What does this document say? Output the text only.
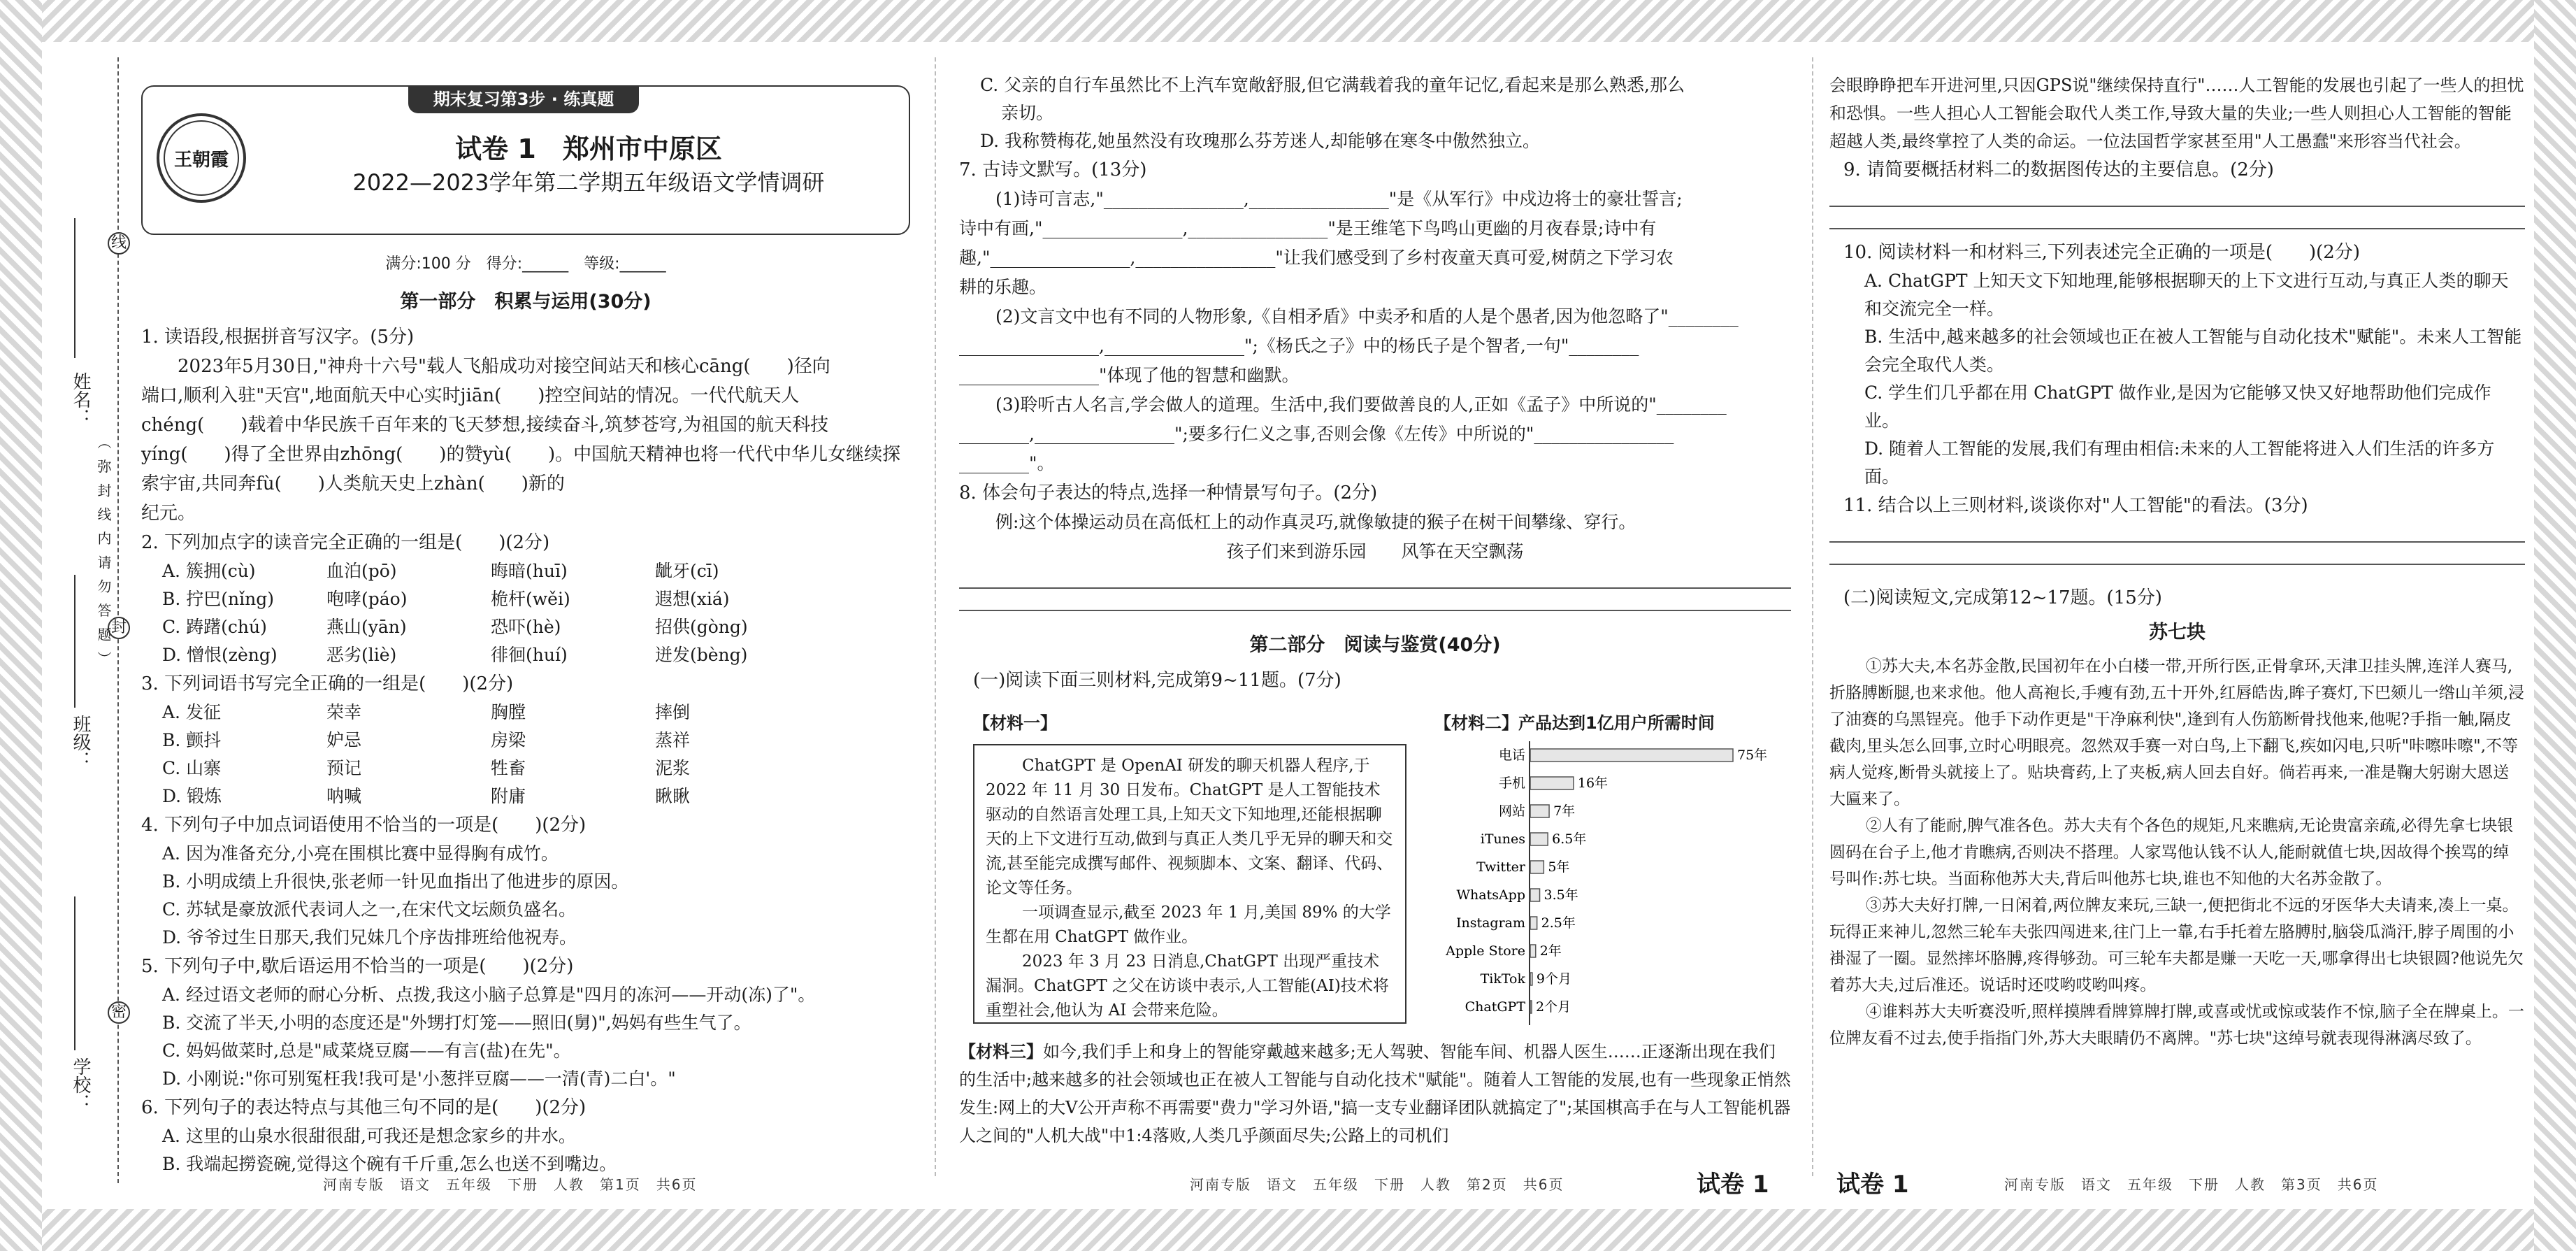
姓名：
班级：
学校：
线
封
密
（ 弥 封 线 内 请 勿 答 题 ）
期末复习第3步 · 练真题
王朝霞	试卷 1　郑州市中原区
2022—2023学年第二学期五年级语文学情调研
满分:100 分　得分:______　等级:______
第一部分　积累与运用(30分)

1. 读语段,根据拼音写汉字。(5分)

2023年5月30日,"神舟十六号"载人飞船成功对接空间站天和核心cāng(　　)径向

端口,顺利入驻"天宫",地面航天中心实时jiān(　　)控空间站的情况。一代代航天人

chéng(　　)载着中华民族千百年来的飞天梦想,接续奋斗,筑梦苍穹,为祖国的航天科技

yíng(　　)得了全世界由zhōng(　　)的赞yù(　　)。中国航天精神也将一代代中华儿女继续探索宇宙,共同奔fù(　　)人类航天史上zhàn(　　)新的

纪元。

2. 下列加点字的读音完全正确的一组是(　　)(2分)

A. 簇拥(cù)	血泊(pō)	晦暗(huī)	龇牙(cī)
B. 拧巴(nǐng)	咆哮(páo)	桅杆(wěi)	遐想(xiá)
C. 踌躇(chú)	燕山(yān)	恐吓(hè)	招供(gòng)
D. 憎恨(zèng)	恶劣(liè)	徘徊(huí)	迸发(bèng)

3. 下列词语书写完全正确的一组是(　　)(2分)

A. 发征	荣幸	胸膛	摔倒
B. 颤抖	妒忌	房梁	蒸祥
C. 山寨	预记	牲畜	泥浆
D. 锻炼	呐喊	附庸	瞅瞅

4. 下列句子中加点词语使用不恰当的一项是(　　)(2分)

A. 因为准备充分,小亮在围棋比赛中显得胸有成竹。

B. 小明成绩上升很快,张老师一针见血指出了他进步的原因。

C. 苏轼是豪放派代表词人之一,在宋代文坛颇负盛名。

D. 爷爷过生日那天,我们兄妹几个序齿排班给他祝寿。

5. 下列句子中,歇后语运用不恰当的一项是(　　)(2分)

A. 经过语文老师的耐心分析、点拨,我这小脑子总算是"四月的冻河——开动(冻)了"。

B. 交流了半天,小明的态度还是"外甥打灯笼——照旧(舅)",妈妈有些生气了。

C. 妈妈做菜时,总是"咸菜烧豆腐——有言(盐)在先"。

D. 小刚说:"你可别冤枉我!我可是'小葱拌豆腐——一清(青)二白'。"

6. 下列句子的表达特点与其他三句不同的是(　　)(2分)

A. 这里的山泉水很甜很甜,可我还是想念家乡的井水。

B. 我端起撈瓷碗,觉得这个碗有千斤重,怎么也送不到嘴边。

河南专版　语文　五年级　下册　人教　第1页　共6页

C. 父亲的自行车虽然比不上汽车宽敞舒服,但它满载着我的童年记忆,看起来是那么熟悉,那么

亲切。

D. 我称赞梅花,她虽然没有玫瑰那么芬芳迷人,却能够在寒冬中傲然独立。

7. 古诗文默写。(13分)

(1)诗可言志,"________________,________________"是《从军行》中戍边将士的豪壮誓言;

诗中有画,"________________,________________"是王维笔下鸟鸣山更幽的月夜春景;诗中有

趣,"________________,________________"让我们感受到了乡村夜童天真可爱,树荫之下学习农

耕的乐趣。

(2)文言文中也有不同的人物形象,《自相矛盾》中卖矛和盾的人是个愚者,因为他忽略了"________

________________,________________";《杨氏之子》中的杨氏子是个智者,一句"________

________________"体现了他的智慧和幽默。

(3)聆听古人名言,学会做人的道理。生活中,我们要做善良的人,正如《孟子》中所说的"________

________,________________";要多行仁义之事,否则会像《左传》中所说的"________________

________"。

8. 体会句子表达的特点,选择一种情景写句子。(2分)

例:这个体操运动员在高低杠上的动作真灵巧,就像敏捷的猴子在树干间攀缘、穿行。

孩子们来到游乐园　　风筝在天空飘荡

第二部分　阅读与鉴赏(40分)

(一)阅读下面三则材料,完成第9~11题。(7分)

【材料一】	【材料二】产品达到1亿用户所需时间

ChatGPT 是 OpenAI 研发的聊天机器人程序,于 2022 年 11 月 30 日发布。ChatGPT 是人工智能技术驱动的自然语言处理工具,上知天文下知地理,还能根据聊天的上下文进行互动,做到与真正人类几乎无异的聊天和交流,甚至能完成撰写邮件、视频脚本、文案、翻译、代码、论文等任务。

一项调查显示,截至 2023 年 1 月,美国 89% 的大学生都在用 ChatGPT 做作业。

2023 年 3 月 23 日消息,ChatGPT 出现严重技术漏洞。ChatGPT 之父在访谈中表示,人工智能(AI)技术将重塑社会,他认为 AI 会带来危险。

电话	75年
手机	16年
网站 7年
iTunes 6.5年
Twitter 5年
WhatsApp 3.5年
Instagram 2.5年
Apple Store 2年
TikTok 9个月
ChatGPT 2个月

【材料三】如今,我们手上和身上的智能穿戴越来越多;无人驾驶、智能车间、机器人医生……正逐渐出现在我们的生活中;越来越多的社会领域也正在被人工智能与自动化技术"赋能"。随着人工智能的发展,也有一些现象正悄然发生:网上的大V公开声称不再需要"费力"学习外语,"搞一支专业翻译团队就搞定了";某国棋高手在与人工智能机器人之间的"人机大战"中1:4落败,人类几乎颜面尽失;公路上的司机们

河南专版　语文　五年级　下册　人教　第2页　共6页	试卷 1

会眼睁睁把车开进河里,只因GPS说"继续保持直行"……人工智能的发展也引起了一些人的担忧和恐惧。一些人担心人工智能会取代人类工作,导致大量的失业;一些人则担心人工智能的智能超越人类,最终掌控了人类的命运。一位法国哲学家甚至用"人工愚蠢"来形容当代社会。

9. 请简要概括材料二的数据图传达的主要信息。(2分)

10. 阅读材料一和材料三,下列表述完全正确的一项是(　　)(2分)

A. ChatGPT 上知天文下知地理,能够根据聊天的上下文进行互动,与真正人类的聊天和交流完全一样。

B. 生活中,越来越多的社会领域也正在被人工智能与自动化技术"赋能"。未来人工智能会完全取代人类。

C. 学生们几乎都在用 ChatGPT 做作业,是因为它能够又快又好地帮助他们完成作业。

D. 随着人工智能的发展,我们有理由相信:未来的人工智能将进入人们生活的许多方面。

11. 结合以上三则材料,谈谈你对"人工智能"的看法。(3分)

(二)阅读短文,完成第12~17题。(15分)

苏七块

①苏大夫,本名苏金散,民国初年在小白楼一带,开所行医,正骨拿环,天津卫挂头牌,连洋人赛马,折胳膊断腿,也来求他。他人高袍长,手瘦有劲,五十开外,红唇皓齿,眸子赛灯,下巴颏儿一绺山羊须,浸了油赛的乌黑锃亮。他手下动作更是"干净麻利快",逢到有人伤筋断骨找他来,他呢?手指一触,隔皮截肉,里头怎么回事,立时心明眼亮。忽然双手赛一对白鸟,上下翻飞,疾如闪电,只听"咔嚓咔嚓",不等病人觉疼,断骨头就接上了。贴块膏药,上了夹板,病人回去自好。倘若再来,一准是鞠大躬谢大恩送大匾来了。

②人有了能耐,脾气准各色。苏大夫有个各色的规矩,凡来瞧病,无论贵富亲疏,必得先拿七块银圆码在台子上,他才肯瞧病,否则决不搭理。人家骂他认钱不认人,能耐就值七块,因故得个挨骂的绰号叫作:苏七块。当面称他苏大夫,背后叫他苏七块,谁也不知他的大名苏金散了。

③苏大夫好打牌,一日闲着,两位牌友来玩,三缺一,便把街北不远的牙医华大夫请来,凑上一桌。玩得正来神儿,忽然三轮车夫张四闯进来,往门上一靠,右手托着左胳膊肘,脑袋瓜淌汗,脖子周围的小褂湿了一圈。显然摔坏胳膊,疼得够劲。可三轮车夫都是赚一天吃一天,哪拿得出七块银圆?他说先欠着苏大夫,过后准还。说话时还哎哟哎哟叫疼。

④谁料苏大夫听赛没听,照样摸牌看牌算牌打牌,或喜或忧或惊或装作不惊,脑子全在牌桌上。一位牌友看不过去,使手指指门外,苏大夫眼睛仍不离牌。"苏七块"这绰号就表现得淋漓尽致了。

试卷 1	河南专版　语文　五年级　下册　人教　第3页　共6页
